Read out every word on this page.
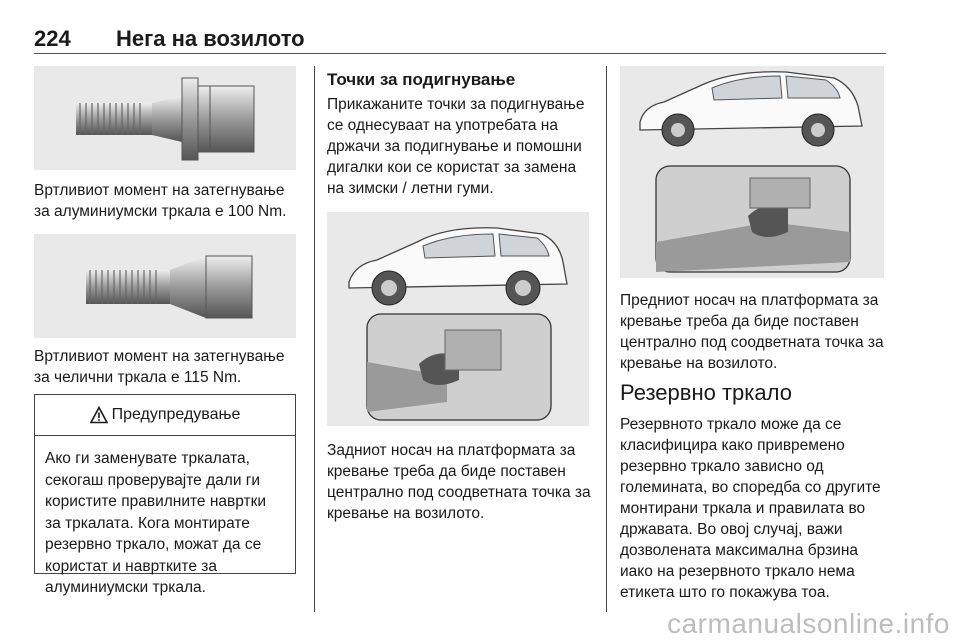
224 Нега на возилото

Вртливиот момент на затегнување за алуминиумски тркала е 100 Nm.

Вртливиот момент на затегнување за челични тркала е 115 Nm.

Предупредување

Ако ги заменувате тркалата, секогаш проверувајте дали ги користите правилните навртки за тркалата. Кога монтирате резервно тркало, можат да се користат и навртките за алуминиумски тркала.

Точки за подигнување

Прикажаните точки за подигнување се однесуваат на употребата на држачи за подигнување и помошни дигалки кои се користат за замена на зимски / летни гуми.

Задниот носач на платформата за кревање треба да биде поставен централно под соодветната точка за кревање на возилото.

Предниот носач на платформата за кревање треба да биде поставен централно под соодветната точка за кревање на возилото.

Резервно тркало

Резервното тркало може да се класифицира како привремено резервно тркало зависно од големината, во споредба со другите монтирани тркала и правилата во државата. Во овој случај, важи дозволената максимална брзина иако на резервното тркало нема етикета што го покажува тоа.

carmanualsonline.info
